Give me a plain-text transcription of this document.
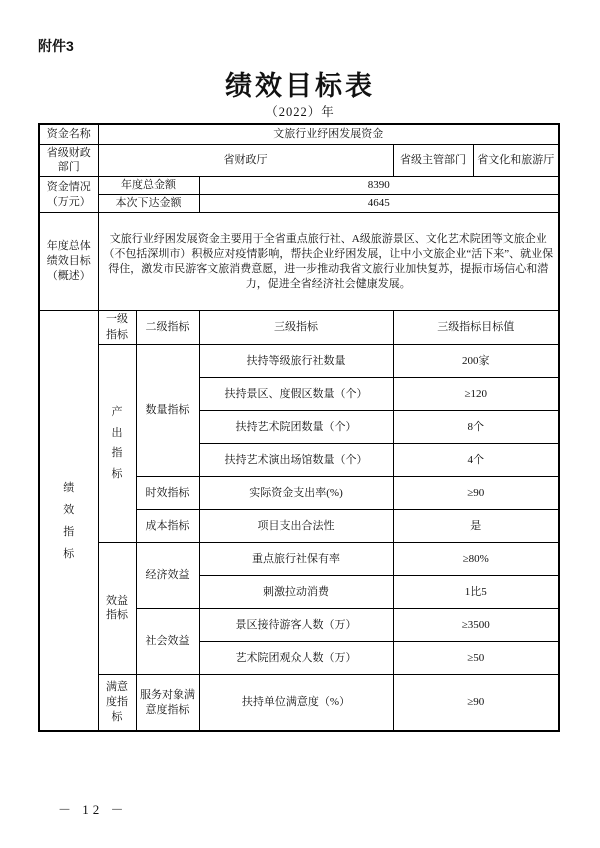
附件3
绩效目标表
（2022）年
资金名称	文旅行业纾困发展资金				
省级财政部门	省财政厅			省级主管部门	省文化和旅游厅
资金情况（万元）	年度总金额		8390		
	本次下达金额		4645		
年度总体绩效目标（概述）	文旅行业纾困发展资金主要用于全省重点旅行社、A级旅游景区、文化艺术院团等文旅企业（不包括深圳市）积极应对疫情影响，帮扶企业纾困发展，让中小文旅企业“活下来”、就业保得住，激发市民游客文旅消费意愿，进一步推动我省文旅行业加快复苏，提振市场信心和潜力，促进全省经济社会健康发展。				

绩效指标	一级指标	二级指标	三级指标	三级指标目标值	

	产出指标	数量指标	扶持等级旅行社数量	200家	
			扶持景区、度假区数量（个）	≥120	
			扶持艺术院团数量（个）	8个	
			扶持艺术演出场馆数量（个）	4个	
		时效指标	实际资金支出率(%)	≥90	
		成本指标	项目支出合法性	是	
	效益指标	经济效益	重点旅行社保有率	≥80%	
			刺激拉动消费	1比5	
		社会效益	景区接待游客人数（万）	≥3500	
			艺术院团观众人数（万）	≥50	
	满意度指标	服务对象满意度指标	扶持单位满意度（%）	≥90	
－ 12 －
